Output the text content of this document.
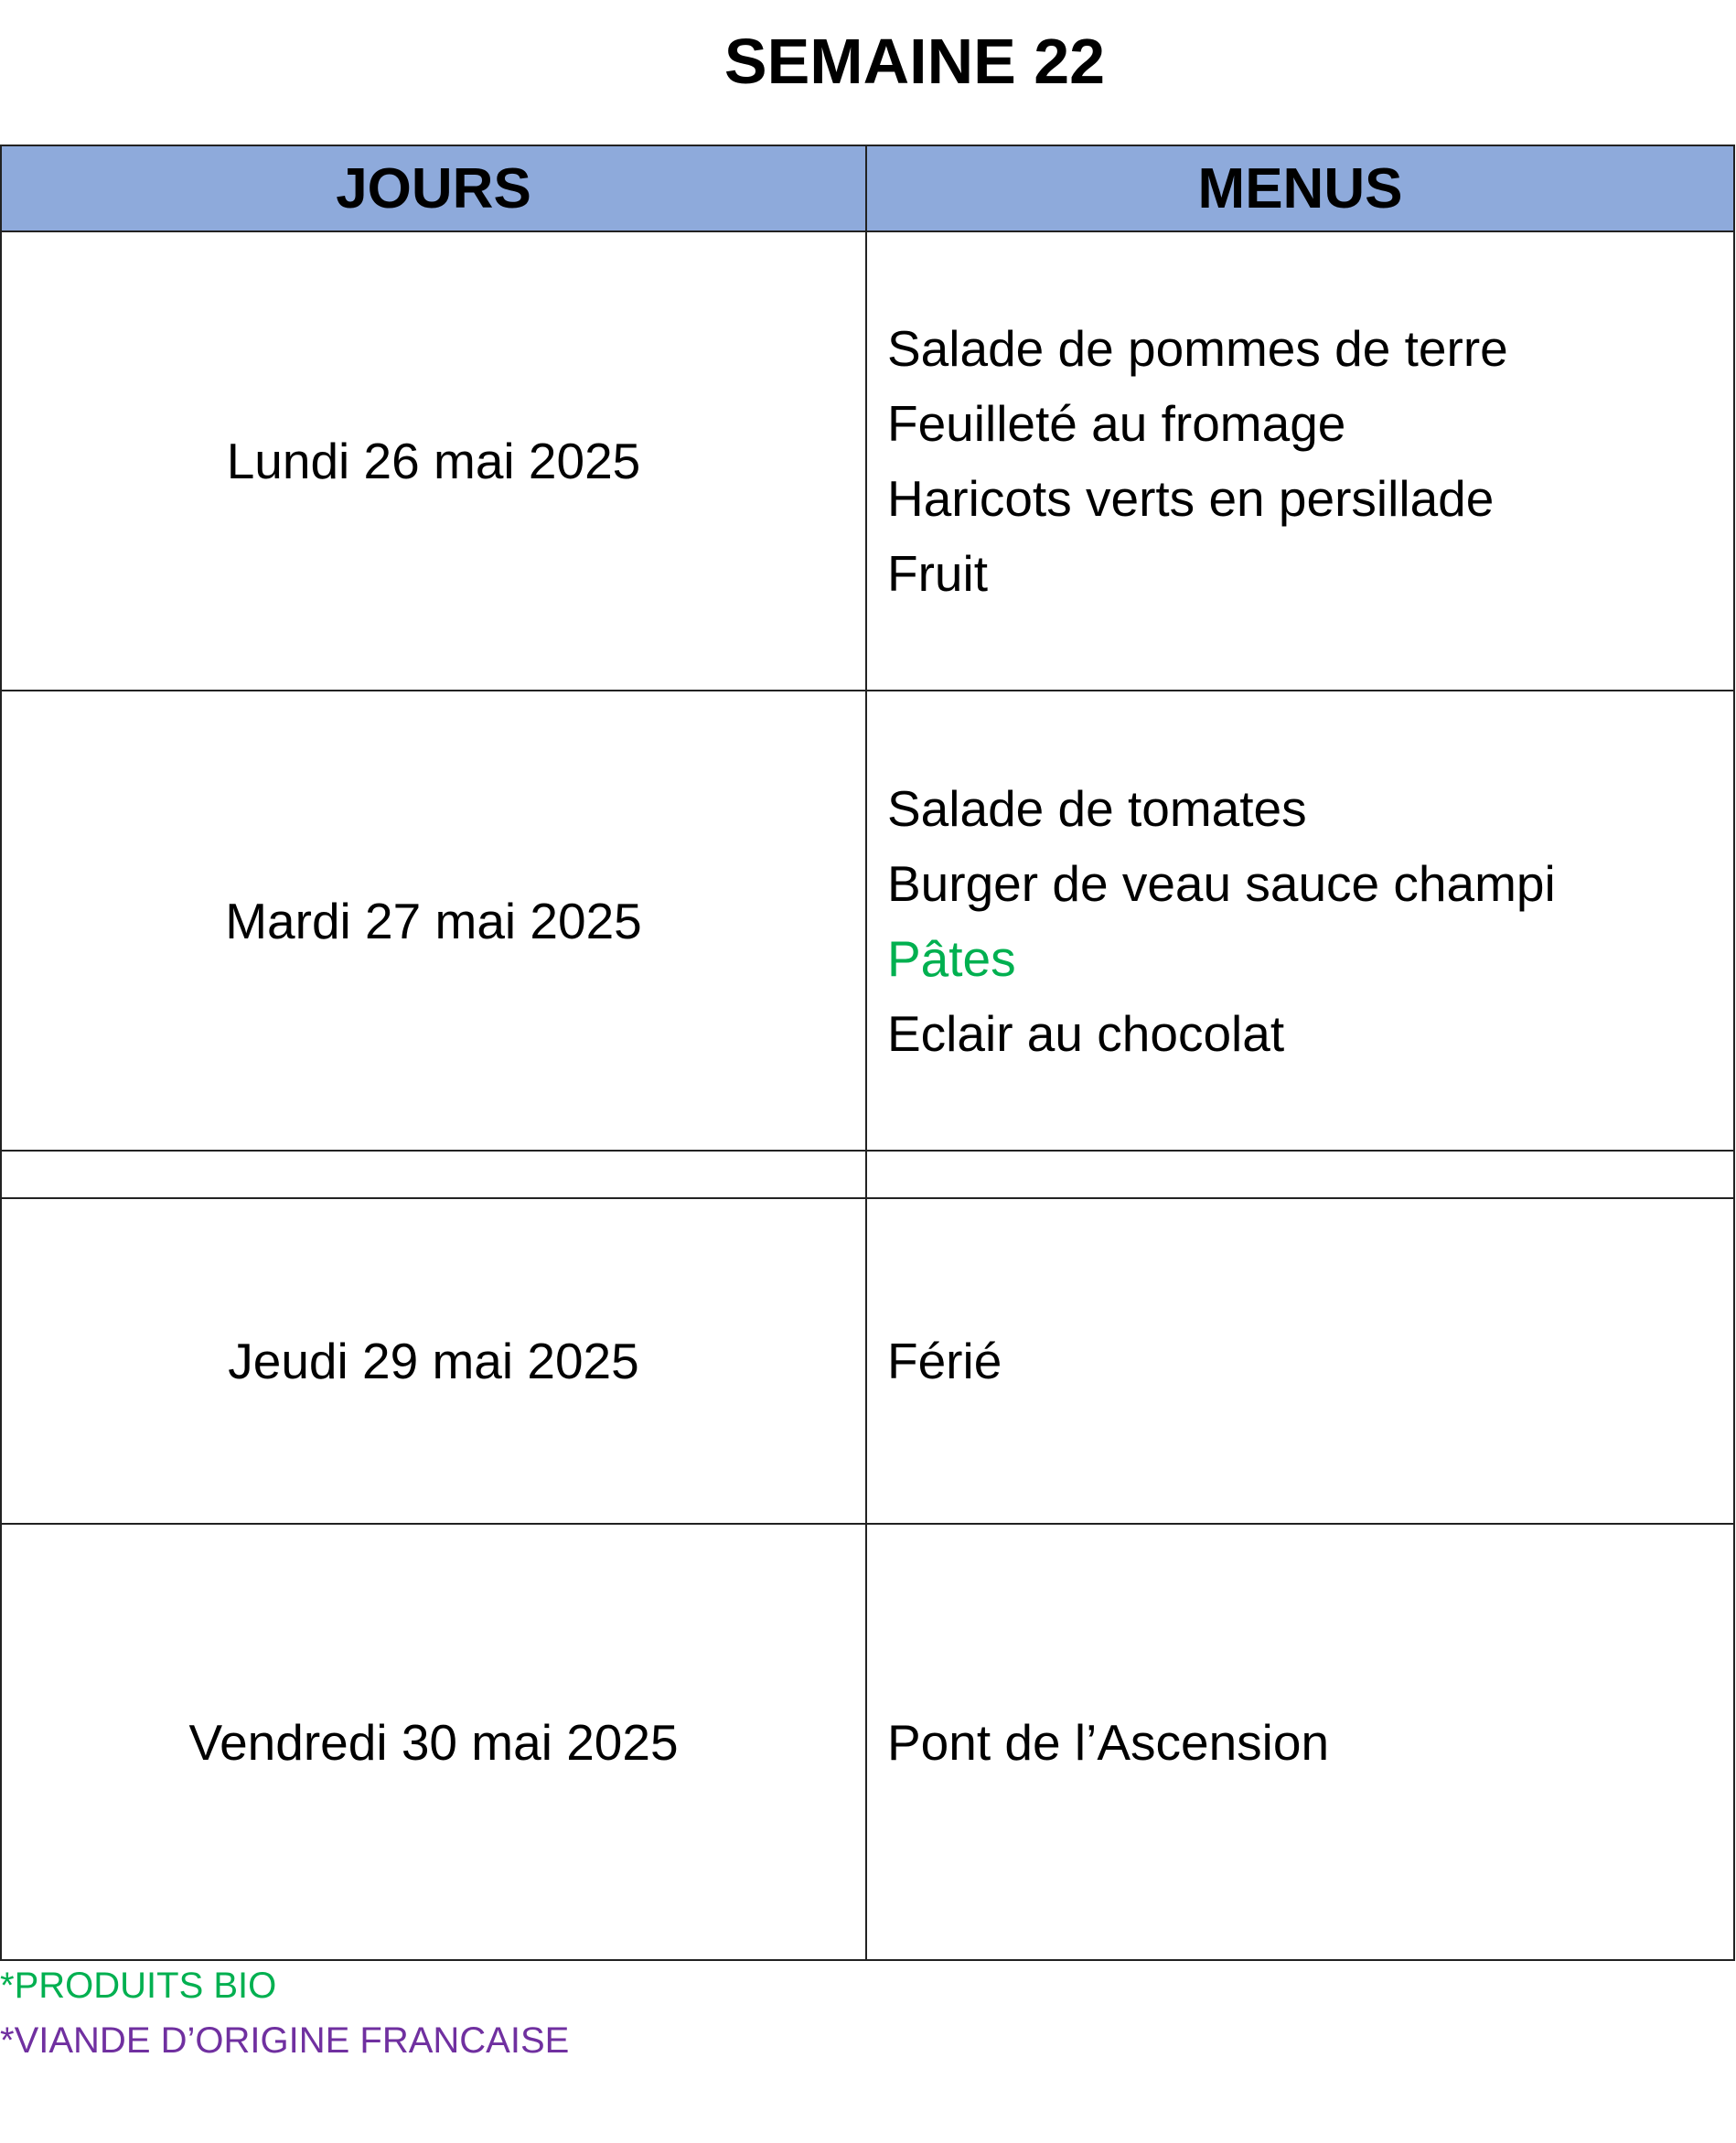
SEMAINE 22
JOURS	MENUS
Lundi 26 mai 2025	Salade de pommes de terre
Feuilleté au fromage
Haricots verts en persillade
Fruit

Mardi 27 mai 2025	Salade de tomates
Burger de veau sauce champi
Pâtes
Eclair au chocolat

Jeudi 29 mai 2025	Férié

Vendredi 30 mai 2025	Pont de l’Ascension
*PRODUITS BIO
*VIANDE D’ORIGINE FRANCAISE
